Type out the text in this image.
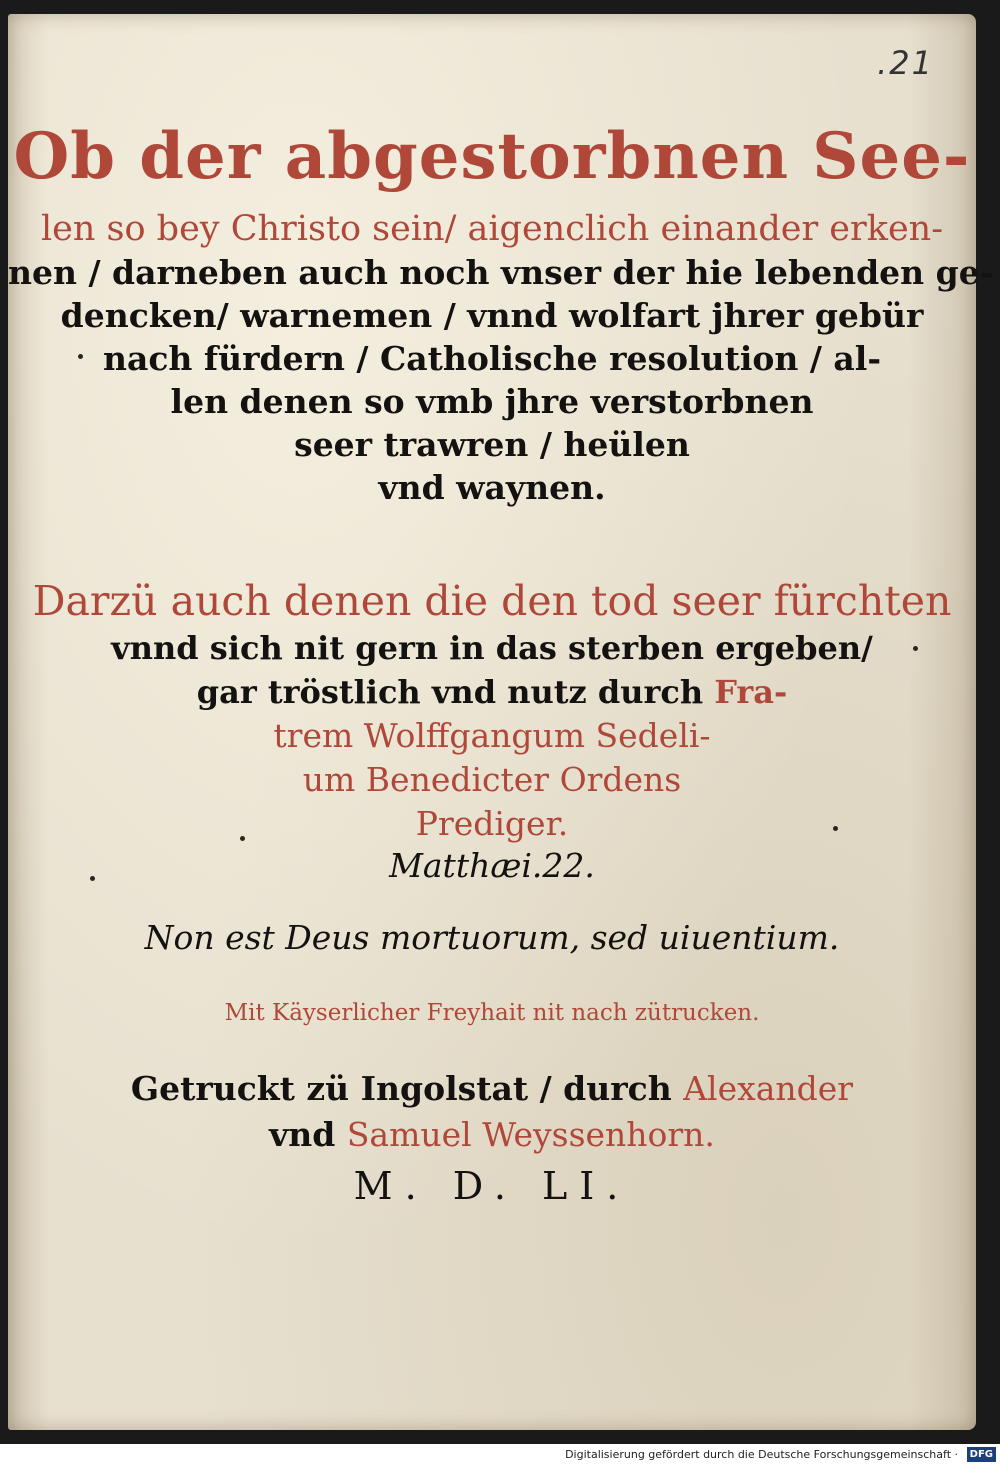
.21

Ob der abgestorbnen See-

len so bey Christo sein/ aigenclich einander erken-

nen / darneben auch noch vnser der hie lebenden ge-

dencken/ warnemen / vnnd wolfart jhrer gebür

nach fürdern / Catholische resolution / al-

len denen so vmb jhre verstorbnen

seer trawren / heülen

vnd waynen.

Darzü auch denen die den tod seer fürchten

vnnd sich nit gern in das sterben ergeben/

gar tröstlich vnd nutz durch Fra-

trem Wolffgangum Sedeli-

um Benedicter Ordens

Prediger.

Matthæi.22.

Non est Deus mortuorum, sed uiuentium.

Mit Käyserlicher Freyhait nit nach zütrucken.

Getruckt zü Ingolstat / durch Alexander

vnd Samuel Weyssenhorn.

M. D. LI.

Digitalisierung gefördert durch die Deutsche Forschungsgemeinschaft ·	DFG
